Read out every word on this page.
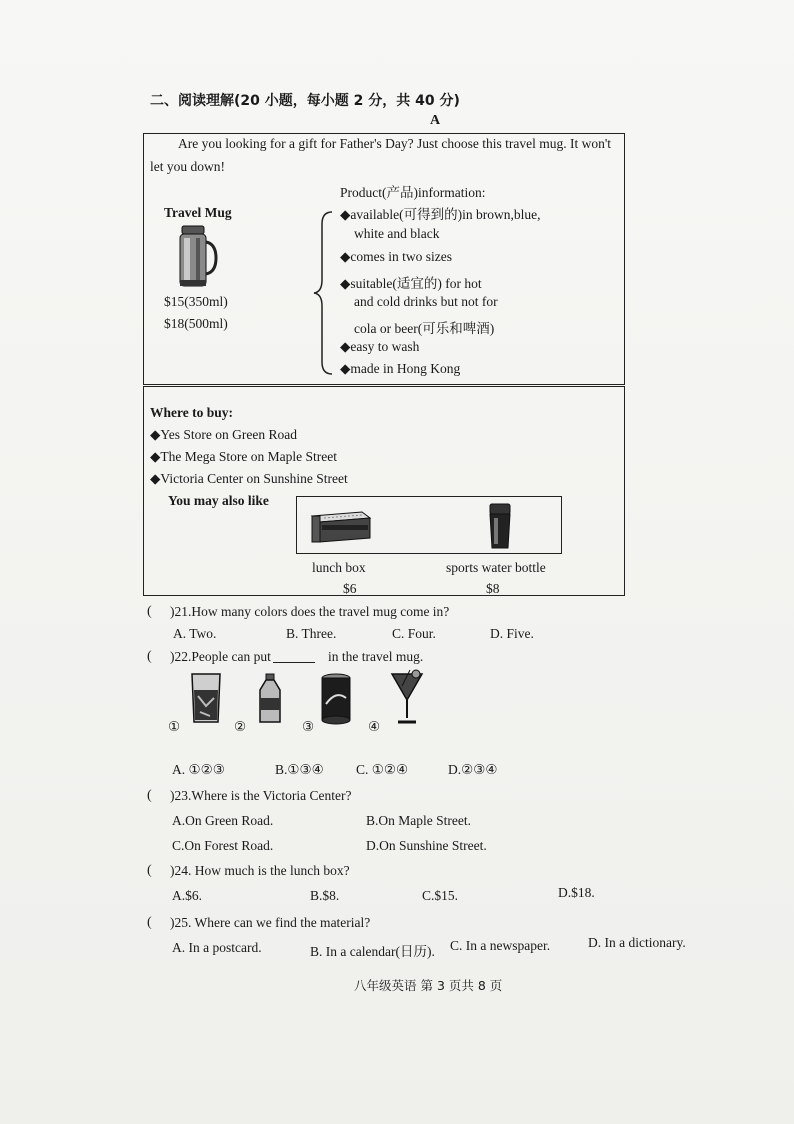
二、阅读理解(20 小题，每小题 2 分，共 40 分)
A
Are you looking for a gift for Father's Day? Just choose this travel mug. It won't
let you down!
Travel Mug
$15(350ml)
$18(500ml)
Product(产品)information:
◆available(可得到的)in brown,blue,
white and black
◆comes in two sizes
◆suitable(适宜的) for hot
and cold drinks but not for
cola or beer(可乐和啤酒)
◆easy to wash
◆made in Hong Kong
Where to buy:
◆Yes Store on Green Road
◆The Mega Store on Maple Street
◆Victoria Center on Sunshine Street
You may also like
lunch box
$6
sports water bottle
$8
( )21.How many colors does the travel mug come in?
A. Two.	B. Three.	C. Four.	D. Five.
( )22.People can put	in the travel mug.
①	②	③	④
A. ①②③	B.①③④ C. ①②④	D.②③④
( )23.Where is the Victoria Center?
A.On Green Road.	B.On Maple Street.
C.On Forest Road.	D.On Sunshine Street.
( )24. How much is the lunch box?
A.$6.	B.$8.	C.$15.	D.$18.
( )25. Where can we find the material?
A. In a postcard.	B. In a calendar(日历). C. In a newspaper.	D. In a dictionary.
八年级英语 第 3 页共 8 页
